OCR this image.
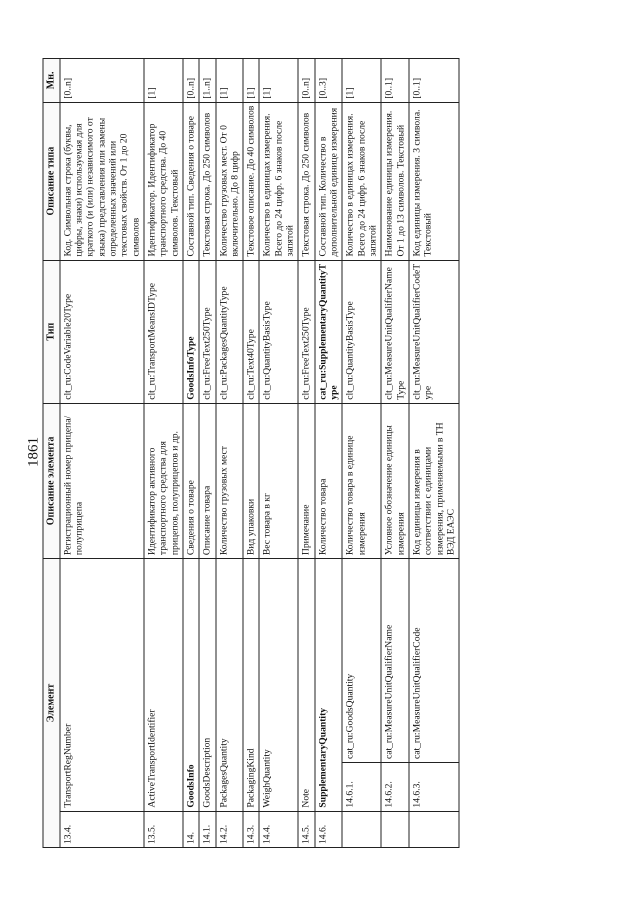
1861
Элемент			Описание элемента	Тип	Описание типа	Мн.
13.4.	TransportRegNumber		Регистрационный номер прицепа/полуприцепа	clt_ru:CodeVariable20Type	Код. Символьная строка (буквы, цифры, знаки) используемая для краткого (и (или) независимого от языка) представления или замены определенных значений или текстовых свойств. От 1 до 20 символов	[0..n]
13.5.	ActiveTransportIdentifier		Идентификатор активного транспортного средства для прицепов, полуприцепов и др.	clt_ru:TransportMeansIDType	Идентификатор. Идентификатор транспортного средства. До 40 символов. Текстовый	[1]
14.	GoodsInfo		Сведения о товаре	GoodsInfoType	Составной тип. Сведения о товаре	[0..n]
14.1.	GoodsDescription		Описание товара	clt_ru:FreeText250Type	Текстовая строка. До 250 символов	[1..n]
14.2.	PackagesQuantity		Количество грузовых мест	clt_ru:PackagesQuantityType	Количество грузовых мест. От 0 включительно. До 8 цифр	[1]
14.3.	PackagingKind		Вид упаковки	clt_ru:Text40Type	Текстовое описание. До 40 символов	[1]
14.4.	WeighQuantity		Вес товара в кг	clt_ru:QuantityBasisType	Количество в единицах измерения. Всего до 24 цифр. 6 знаков после запятой	[1]
14.5.	Note		Примечание	clt_ru:FreeText250Type	Текстовая строка. До 250 символов	[0..n]
14.6.	SupplementaryQuantity		Количество товара	cat_ru:SupplementaryQuantityType	Составной тип. Количество в дополнительной единице измерения	[0..3]
	14.6.1.	cat_ru:GoodsQuantity	Количество товара в единице измерения	clt_ru:QuantityBasisType	Количество в единицах измерения. Всего до 24 цифр. 6 знаков после запятой	[1]
	14.6.2.	cat_ru:MeasureUnitQualifierName	Условное обозначение единицы измерения	clt_ru:MeasureUnitQualifierNameType	Наименование единицы измерения. От 1 до 13 символов. Текстовый	[0..1]
	14.6.3.	cat_ru:MeasureUnitQualifierCode	Код единицы измерения в соответствии с единицами измерения, применяемыми в ТН ВЭД ЕАЭС	clt_ru:MeasureUnitQualifierCodeType	Код единицы измерения. 3 символа. Текстовый	[0..1]
